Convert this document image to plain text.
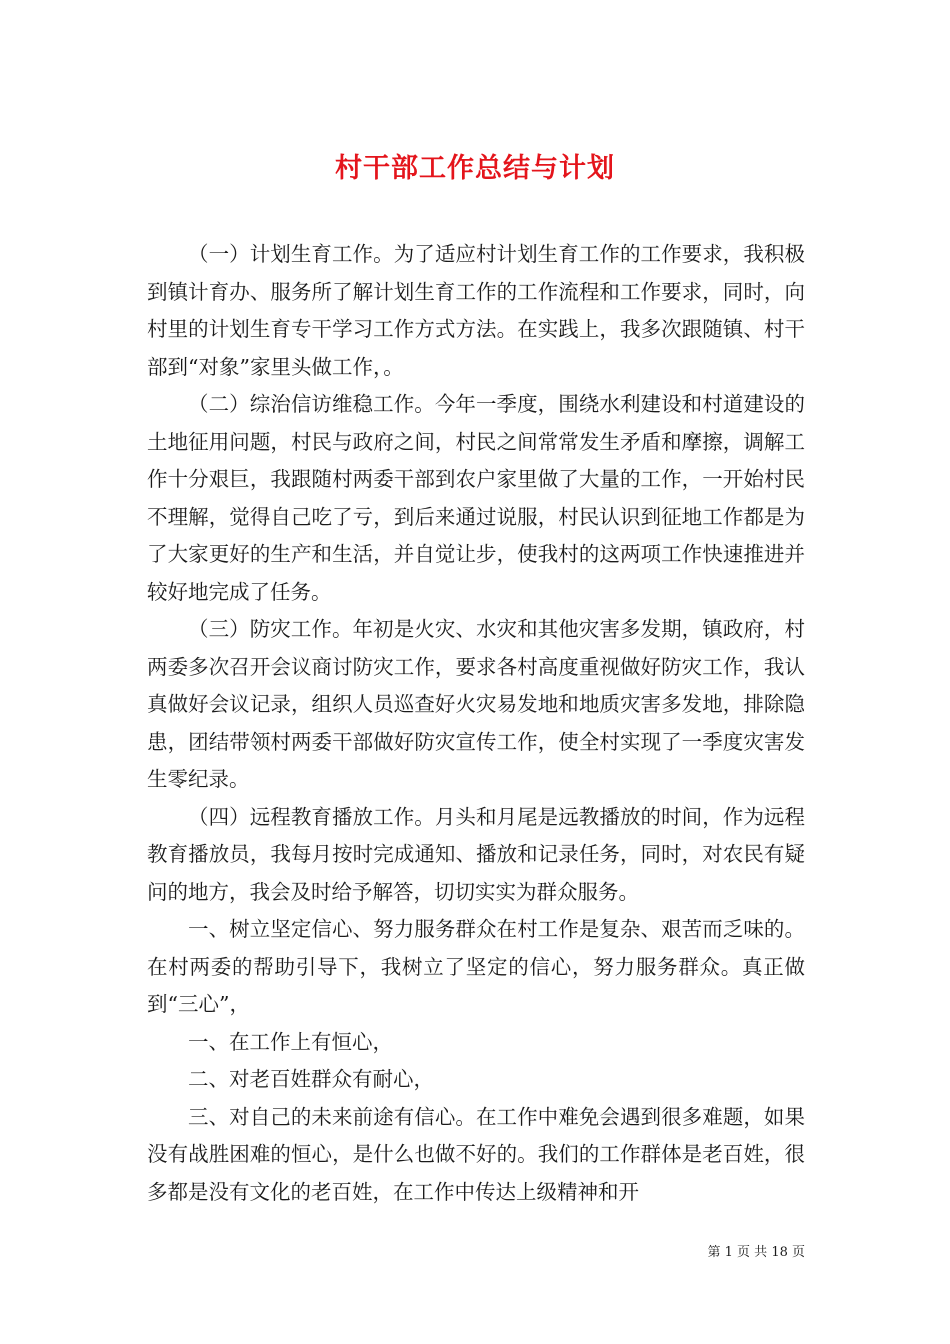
村干部工作总结与计划

（一）计划生育工作。为了适应村计划生育工作的工作要求，我积极到镇计育办、服务所了解计划生育工作的工作流程和工作要求，同时，向村里的计划生育专干学习工作方式方法。在实践上，我多次跟随镇、村干部到“对象”家里头做工作，。

（二）综治信访维稳工作。今年一季度，围绕水利建设和村道建设的土地征用问题，村民与政府之间，村民之间常常发生矛盾和摩擦，调解工作十分艰巨，我跟随村两委干部到农户家里做了大量的工作，一开始村民不理解，觉得自己吃了亏，到后来通过说服，村民认识到征地工作都是为了大家更好的生产和生活，并自觉让步，使我村的这两项工作快速推进并较好地完成了任务。

（三）防灾工作。年初是火灾、水灾和其他灾害多发期，镇政府，村两委多次召开会议商讨防灾工作，要求各村高度重视做好防灾工作，我认真做好会议记录，组织人员巡查好火灾易发地和地质灾害多发地，排除隐患，团结带领村两委干部做好防灾宣传工作，使全村实现了一季度灾害发生零纪录。

（四）远程教育播放工作。月头和月尾是远教播放的时间，作为远程教育播放员，我每月按时完成通知、播放和记录任务，同时，对农民有疑问的地方，我会及时给予解答，切切实实为群众服务。

一、树立坚定信心、努力服务群众在村工作是复杂、艰苦而乏味的。在村两委的帮助引导下，我树立了坚定的信心，努力服务群众。真正做到“三心”，

一、在工作上有恒心，

二、对老百姓群众有耐心，

三、对自己的未来前途有信心。在工作中难免会遇到很多难题，如果没有战胜困难的恒心，是什么也做不好的。我们的工作群体是老百姓，很多都是没有文化的老百姓，在工作中传达上级精神和开

第 1 页 共 18 页
